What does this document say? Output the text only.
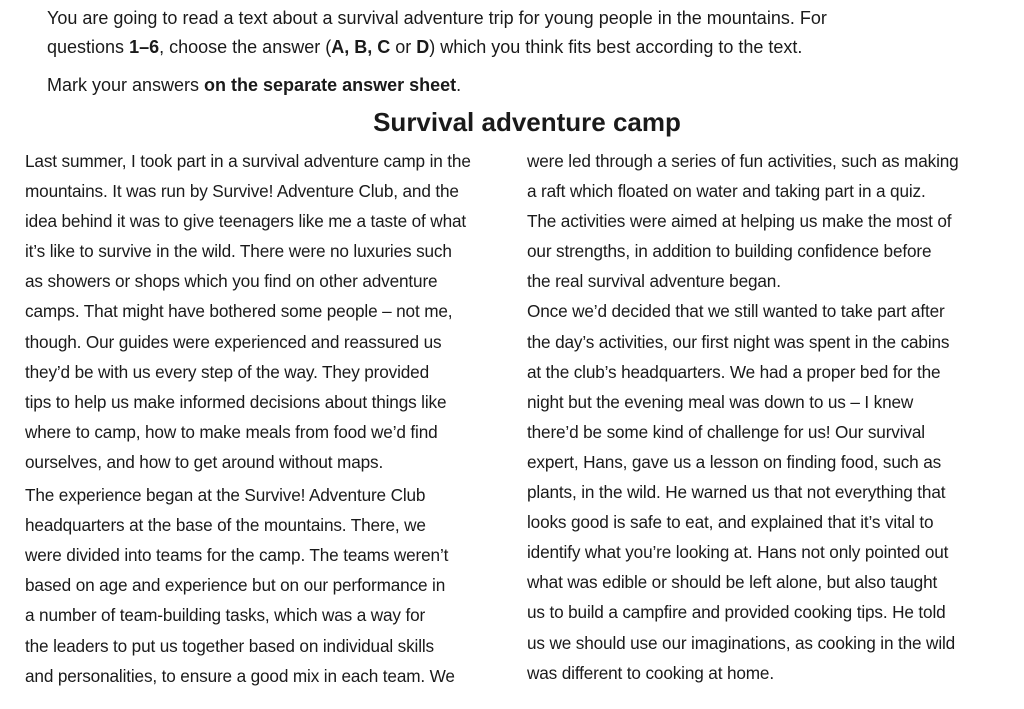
You are going to read a text about a survival adventure trip for young people in the mountains. For

questions 1–6, choose the answer (A, B, C or D) which you think fits best according to the text.

Mark your answers on the separate answer sheet.

Survival adventure camp
Last summer, I took part in a survival adventure camp in the
mountains. It was run by Survive! Adventure Club, and the
idea behind it was to give teenagers like me a taste of what
it’s like to survive in the wild. There were no luxuries such
as showers or shops which you find on other adventure
camps. That might have bothered some people – not me,
though. Our guides were experienced and reassured us
they’d be with us every step of the way. They provided
tips to help us make informed decisions about things like
where to camp, how to make meals from food we’d find
ourselves, and how to get around without maps.
The experience began at the Survive! Adventure Club
headquarters at the base of the mountains. There, we
were divided into teams for the camp. The teams weren’t
based on age and experience but on our performance in
a number of team-building tasks, which was a way for
the leaders to put us together based on individual skills
and personalities, to ensure a good mix in each team. We
were led through a series of fun activities, such as making
a raft which floated on water and taking part in a quiz.
The activities were aimed at helping us make the most of
our strengths, in addition to building confidence before
the real survival adventure began.
Once we’d decided that we still wanted to take part after
the day’s activities, our first night was spent in the cabins
at the club’s headquarters. We had a proper bed for the
night but the evening meal was down to us – I knew
there’d be some kind of challenge for us! Our survival
expert, Hans, gave us a lesson on finding food, such as
plants, in the wild. He warned us that not everything that
looks good is safe to eat, and explained that it’s vital to
identify what you’re looking at. Hans not only pointed out
what was edible or should be left alone, but also taught
us to build a campfire and provided cooking tips. He told
us we should use our imaginations, as cooking in the wild
was different to cooking at home.
